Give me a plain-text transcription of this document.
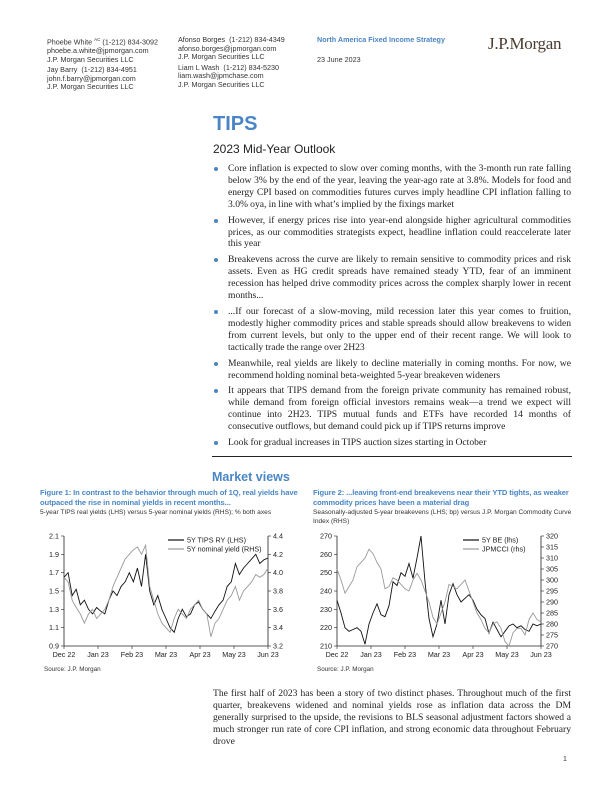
Phoebe White $^{AC}$ (1-212) 834-3092
phoebe.a.white@jpmorgan.com
J.P. Morgan Securities LLC
Jay Barry (1-212) 834-4951
john.f.barry@jpmorgan.com
J.P. Morgan Securities LLC
Afonso Borges (1-212) 834-4349
afonso.borges@jpmorgan.com
J.P. Morgan Securities LLC
Liam L Wash (1-212) 834-5230
liam.wash@jpmchase.com
J.P. Morgan Securities LLC
North America Fixed Income Strategy
23 June 2023
J.P.Morgan
TIPS
2023 Mid-Year Outlook
Core inflation is expected to slow over coming months, with the 3-month run rate falling below 3% by the end of the year, leaving the year-ago rate at 3.8%. Models for food and energy CPI based on commodities futures curves imply headline CPI inflation falling to 3.0% oya, in line with what’s implied by the fixings market
However, if energy prices rise into year-end alongside higher agricultural commodities prices, as our commodities strategists expect, headline inflation could reaccelerate later this year
Breakevens across the curve are likely to remain sensitive to commodity prices and risk assets. Even as HG credit spreads have remained steady YTD, fear of an imminent recession has helped drive commodity prices across the complex sharply lower in recent months...
...If our forecast of a slow-moving, mild recession later this year comes to fruition, modestly higher commodity prices and stable spreads should allow breakevens to widen from current levels, but only to the upper end of their recent range. We will look to tactically trade the range over 2H23
Meanwhile, real yields are likely to decline materially in coming months. For now, we recommend holding nominal beta-weighted 5-year breakeven wideners
It appears that TIPS demand from the foreign private community has remained robust, while demand from foreign official investors remains weak—a trend we expect will continue into 2H23. TIPS mutual funds and ETFs have recorded 14 months of consecutive outflows, but demand could pick up if TIPS returns improve
Look for gradual increases in TIPS auction sizes starting in October
Market views
Figure 1: In contrast to the behavior through much of 1Q, real yields have outpaced the rise in nominal yields in recent months...
5-year TIPS real yields (LHS) versus 5-year nominal yields (RHS); % both axes
0.9
1.1
1.3
1.5
1.7
1.9
2.1
3.2
3.4
3.6
3.8
4.0
4.2
4.4
Dec 22 Jan 23 Feb 23 Mar 23 Apr 23 May 23 Jun 23
5Y TIPS RY (LHS)
5Y nominal yield (RHS)
Source: J.P. Morgan
Figure 2: ...leaving front-end breakevens near their YTD tights, as weaker commodity prices have been a material drag
Seasonally-adjusted 5-year breakevens (LHS; bp) versus J.P. Morgan Commodity Curve Index (RHS)
210
220
230
240
250
260
270
270
275
280
285
290
295
300
305
310
315
320
Dec 22 Jan 23 Feb 23 Mar 23 Apr 23 May 23 Jun 23
5Y BE (lhs)
JPMCCI (rhs)
Source: J.P. Morgan

The first half of 2023 has been a story of two distinct phases. Throughout much of the first quarter, breakevens widened and nominal yields rose as inflation data across the DM generally surprised to the upside, the revisions to BLS seasonal adjustment factors showed a much stronger run rate of core CPI inflation, and strong economic data throughout February drove

1
